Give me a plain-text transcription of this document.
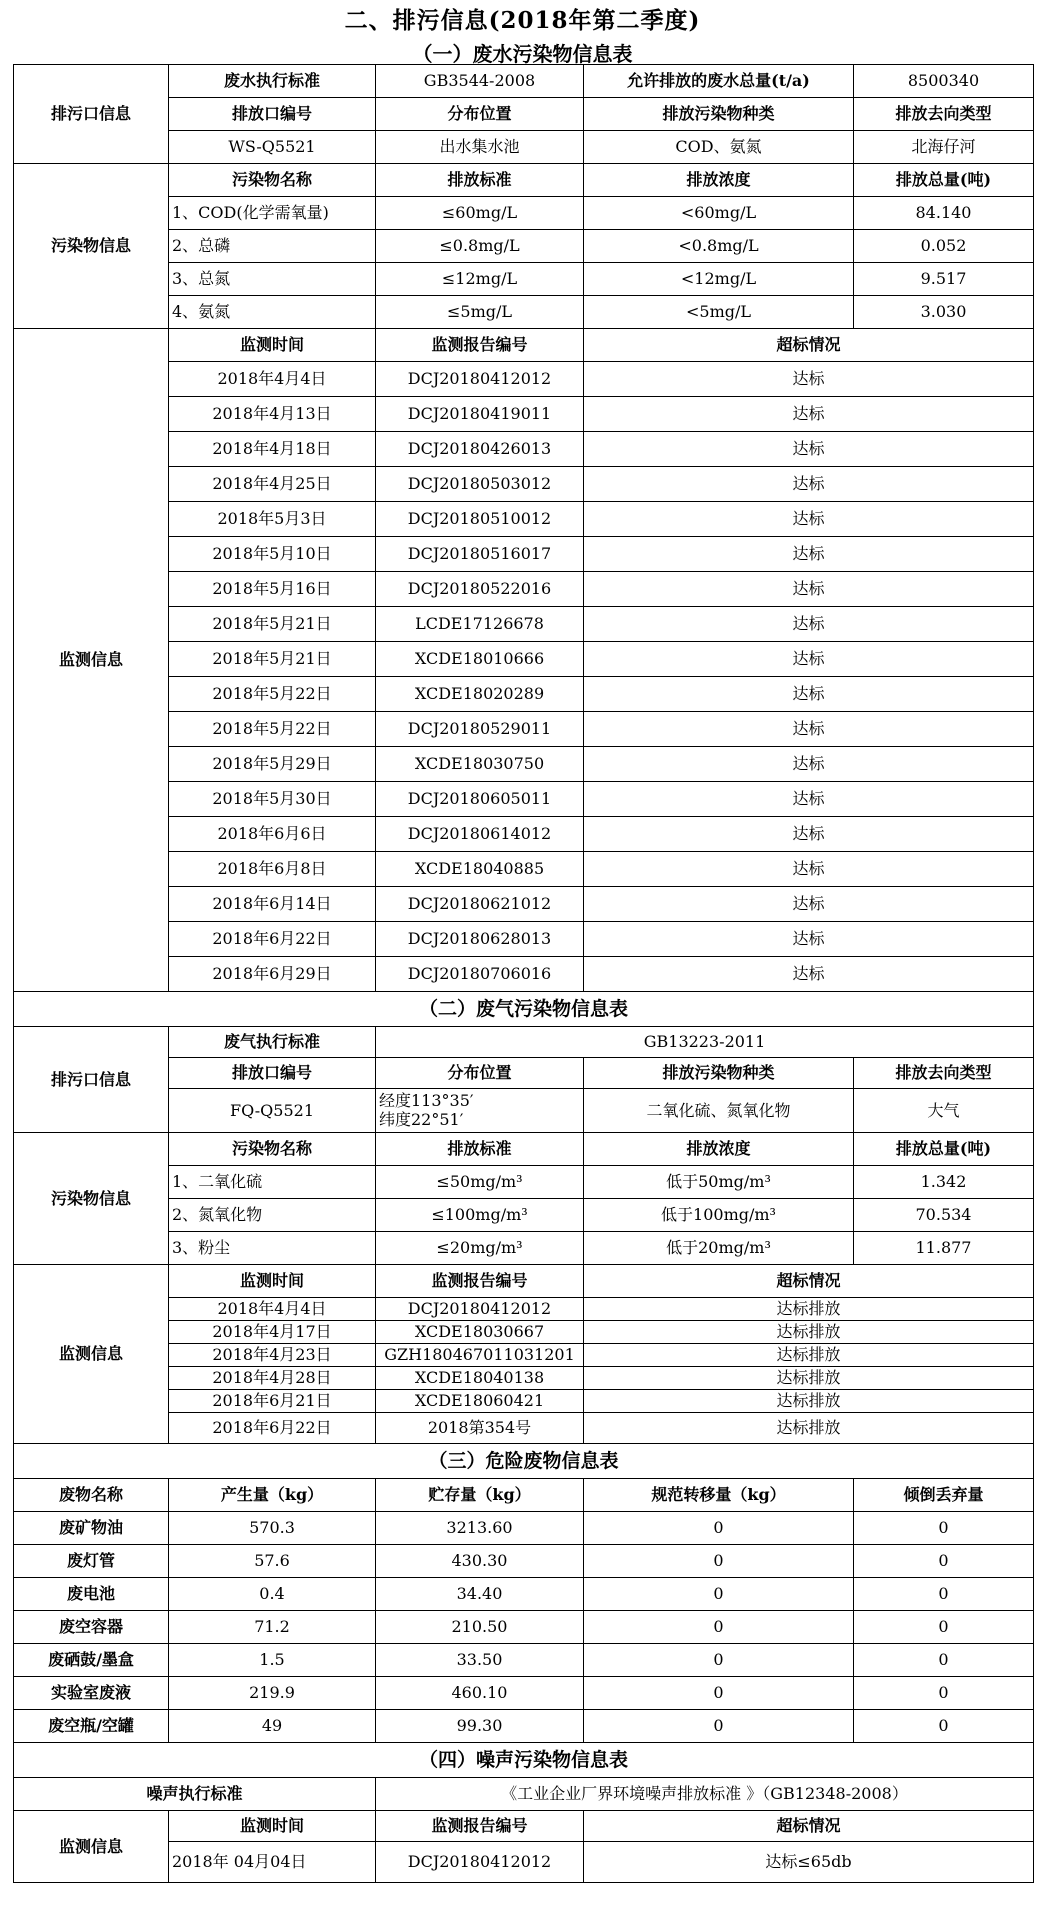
二、排污信息(2018年第二季度)
（一）废水污染物信息表
排污口信息	废水执行标准	GB3544-2008	允许排放的废水总量(t/a)	8500340
	排放口编号	分布位置	排放污染物种类	排放去向类型
	WS-Q5521	出水集水池	COD、氨氮	北海仔河
污染物信息	污染物名称	排放标准	排放浓度	排放总量(吨)
	1、COD(化学需氧量)	≤60mg/L	<60mg/L	84.140
	2、总磷	≤0.8mg/L	<0.8mg/L	0.052
	3、总氮	≤12mg/L	<12mg/L	9.517
	4、氨氮	≤5mg/L	<5mg/L	3.030
监测信息	监测时间	监测报告编号	超标情况	
	2018年4月4日	DCJ20180412012	达标	
	2018年4月13日	DCJ20180419011	达标	
	2018年4月18日	DCJ20180426013	达标	
	2018年4月25日	DCJ20180503012	达标	
	2018年5月3日	DCJ20180510012	达标	
	2018年5月10日	DCJ20180516017	达标	
	2018年5月16日	DCJ20180522016	达标	
	2018年5月21日	LCDE17126678	达标	
	2018年5月21日	XCDE18010666	达标	
	2018年5月22日	XCDE18020289	达标	
	2018年5月22日	DCJ20180529011	达标	
	2018年5月29日	XCDE18030750	达标	
	2018年5月30日	DCJ20180605011	达标	
	2018年6月6日	DCJ20180614012	达标	
	2018年6月8日	XCDE18040885	达标	
	2018年6月14日	DCJ20180621012	达标	
	2018年6月22日	DCJ20180628013	达标	
	2018年6月29日	DCJ20180706016	达标	
（二）废气污染物信息表				
排污口信息	废气执行标准	GB13223-2011		
	排放口编号	分布位置	排放污染物种类	排放去向类型
	FQ-Q5521	经度113°35′
纬度22°51′	二氧化硫、氮氧化物	大气
污染物信息	污染物名称	排放标准	排放浓度	排放总量(吨)
	1、二氧化硫	≤50mg/m³	低于50mg/m³	1.342
	2、氮氧化物	≤100mg/m³	低于100mg/m³	70.534
	3、粉尘	≤20mg/m³	低于20mg/m³	11.877
监测信息	监测时间	监测报告编号	超标情况	
	2018年4月4日	DCJ20180412012	达标排放	
	2018年4月17日	XCDE18030667	达标排放	
	2018年4月23日	GZH180467011031201	达标排放	
	2018年4月28日	XCDE18040138	达标排放	
	2018年6月21日	XCDE18060421	达标排放	
	2018年6月22日	2018第354号	达标排放	
（三）危险废物信息表				
废物名称	产生量（kg）	贮存量（kg）	规范转移量（kg）	倾倒丢弃量
废矿物油	570.3	3213.60	0	0
废灯管	57.6	430.30	0	0
废电池	0.4	34.40	0	0
废空容器	71.2	210.50	0	0
废硒鼓/墨盒	1.5	33.50	0	0
实验室废液	219.9	460.10	0	0
废空瓶/空罐	49	99.30	0	0
（四）噪声污染物信息表				
噪声执行标准		《工业企业厂界环境噪声排放标准 》（GB12348-2008）		
监测信息	监测时间	监测报告编号	超标情况	
	2018年 04月04日	DCJ20180412012	达标≤65db	
